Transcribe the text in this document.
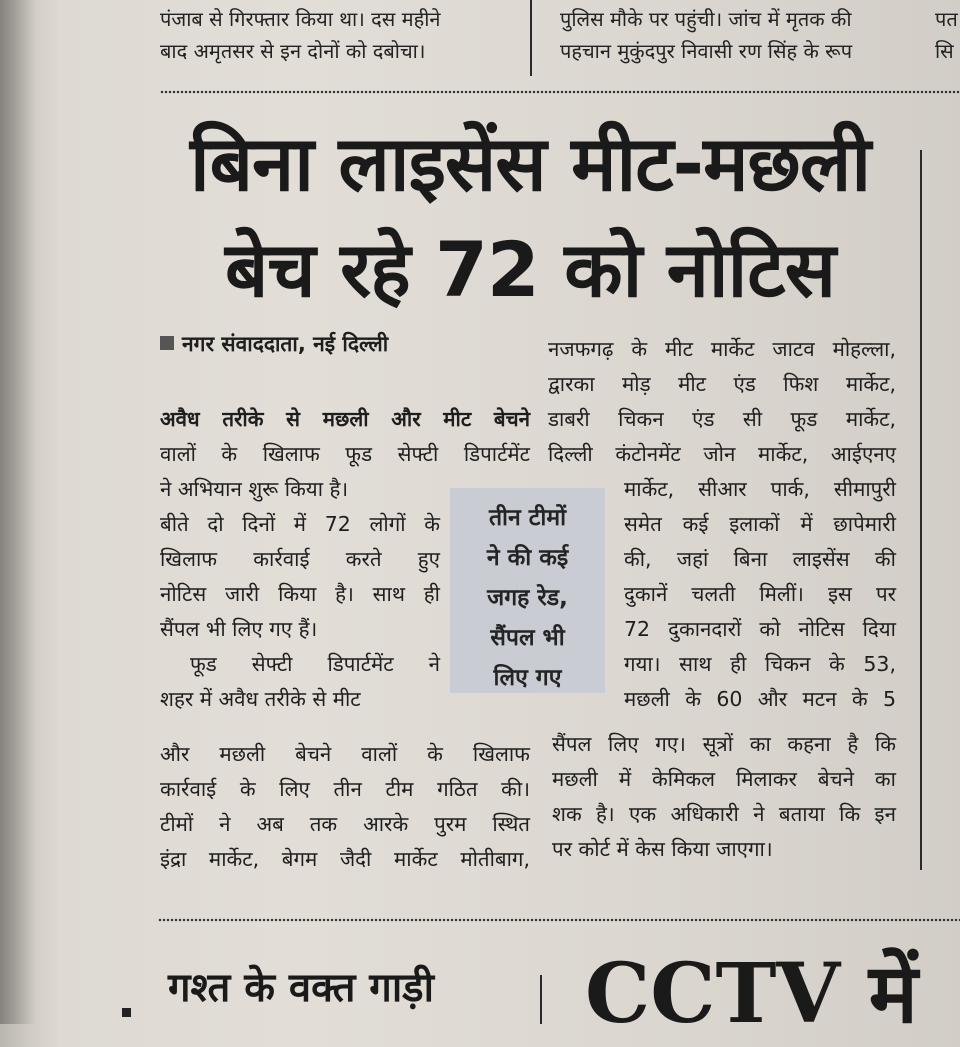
पंजाब से गिरफ्तार किया था। दस महीने
बाद अमृतसर से इन दोनों को दबोचा।
पुलिस मौके पर पहुंची। जांच में मृतक की
पहचान मुकुंदपुर निवासी रण सिंह के रूप
पत
सि
बिना लाइसेंस मीट-मछली
बेच रहे 72 को नोटिस
नगर संवाददाता, नई दिल्ली
अवैध तरीके से मछली और मीट बेचने
वालों के खिलाफ फूड सेफ्टी डिपार्टमेंट
ने अभियान शुरू किया है।
बीते दो दिनों में 72 लोगों के
खिलाफ कार्रवाई करते हुए
नोटिस जारी किया है। साथ ही
सैंपल भी लिए गए हैं।
फूड सेफ्टी डिपार्टमेंट ने
शहर में अवैध तरीके से मीट
और मछली बेचने वालों के खिलाफ
कार्रवाई के लिए तीन टीम गठित की।
टीमों ने अब तक आरके पुरम स्थित
इंद्रा मार्केट, बेगम जैदी मार्केट मोतीबाग,
तीन टीमों
ने की कई
जगह रेड,
सैंपल भी
लिए गए
नजफगढ़ के मीट मार्केट जाटव मोहल्ला,
द्वारका मोड़ मीट एंड फिश मार्केट,
डाबरी चिकन एंड सी फूड मार्केट,
दिल्ली कंटोनमेंट जोन मार्केट, आईएनए
मार्केट, सीआर पार्क, सीमापुरी
समेत कई इलाकों में छापेमारी
की, जहां बिना लाइसेंस की
दुकानें चलती मिलीं। इस पर
72 दुकानदारों को नोटिस दिया
गया। साथ ही चिकन के 53,
मछली के 60 और मटन के 5
सैंपल लिए गए। सूत्रों का कहना है कि
मछली में केमिकल मिलाकर बेचने का
शक है। एक अधिकारी ने बताया कि इन
पर कोर्ट में केस किया जाएगा।
गश्त के वक्त गाड़ी CCTV में
